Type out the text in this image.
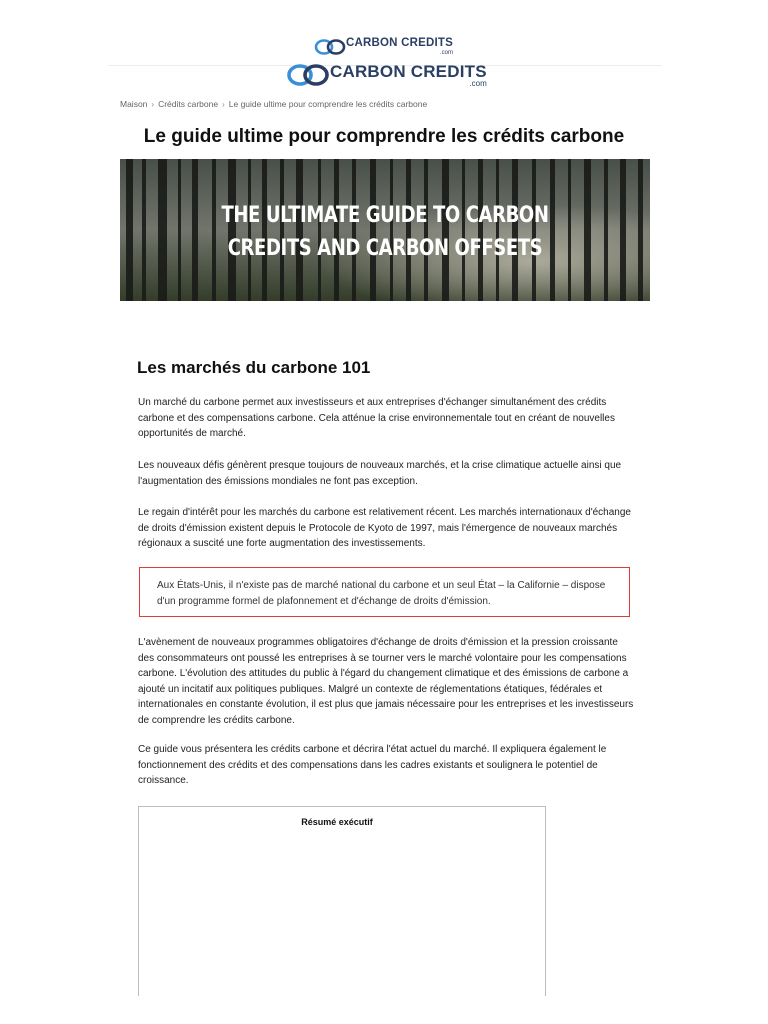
CARBON CREDITS
.com
CARBON CREDITS
.com
Maison › Crédits carbone › Le guide ultime pour comprendre les crédits carbone
Le guide ultime pour comprendre les crédits carbone
THE ULTIMATE GUIDE TO CARBON
CREDITS AND CARBON OFFSETS
Les marchés du carbone 101

Un marché du carbone permet aux investisseurs et aux entreprises d'échanger simultanément des crédits carbone et des compensations carbone. Cela atténue la crise environnementale tout en créant de nouvelles opportunités de marché.

Les nouveaux défis génèrent presque toujours de nouveaux marchés, et la crise climatique actuelle ainsi que l'augmentation des émissions mondiales ne font pas exception.

Le regain d'intérêt pour les marchés du carbone est relativement récent. Les marchés internationaux d'échange de droits d'émission existent depuis le Protocole de Kyoto de 1997, mais l'émergence de nouveaux marchés régionaux a suscité une forte augmentation des investissements.

Aux États-Unis, il n'existe pas de marché national du carbone et un seul État – la Californie – dispose d'un programme formel de plafonnement et d'échange de droits d'émission.

L'avènement de nouveaux programmes obligatoires d'échange de droits d'émission et la pression croissante des consommateurs ont poussé les entreprises à se tourner vers le marché volontaire pour les compensations carbone. L'évolution des attitudes du public à l'égard du changement climatique et des émissions de carbone a ajouté un incitatif aux politiques publiques. Malgré un contexte de réglementations étatiques, fédérales et internationales en constante évolution, il est plus que jamais nécessaire pour les entreprises et les investisseurs de comprendre les crédits carbone.

Ce guide vous présentera les crédits carbone et décrira l'état actuel du marché. Il expliquera également le fonctionnement des crédits et des compensations dans les cadres existants et soulignera le potentiel de croissance.

Résumé exécutif
